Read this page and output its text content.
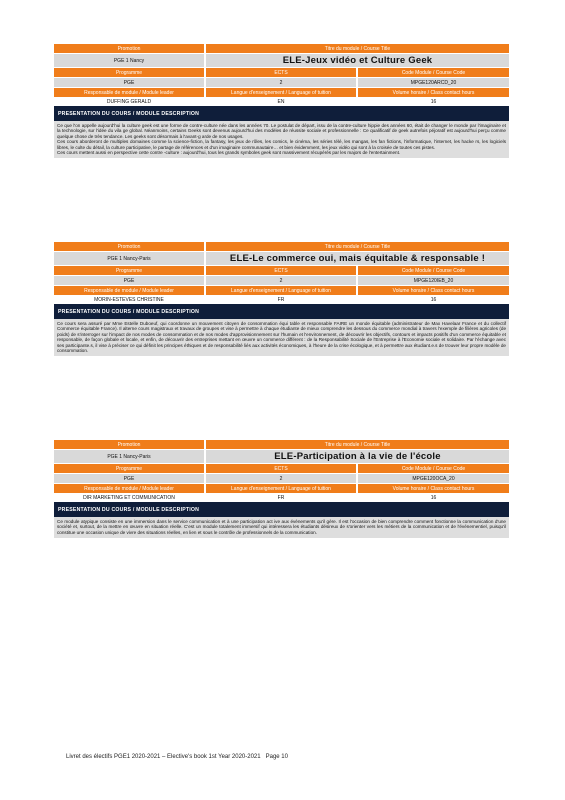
Promotion	Titre du module / Course Title
PGE 1 Nancy	ELE-Jeux vidéo et Culture Geek
Programme	ECTS	Code Module / Course Code
PGE	2	MPGE120ARCD_20
Responsable de module / Module leader	Langue d'enseignement / Language of tuition	Volume horaire / Class contact hours
DUFFING GERALD	EN	16
PRESENTATION DU COURS / MODULE DESCRIPTION

Ce que l'on appelle aujourd'hui la culture geek est une forme de contre-culture née dans les années 70. Le postulat de départ, issu de la contre-culture hippie des années 60, était de changer le monde par l'imaginaire et la technologie, sur l'idée du vila ge global. Néanmoins, certains Geeks sont devenus aujourd'hui des modèles de réussite sociale et professionnelle : Ce qualificatif de geek autrefois péjoratif est aujourd'hui perçu comme quelque chose de très tendance. Les geeks sont désormais à l'avant-g arde de nos usages.

Ces cours aborderont de multiples domaines comme la science-fiction, la fantasy, les jeux de rôles, les comics, le cinéma, les séries télé, les mangas, les fan fictions, l'informatique, l'internet, les hacke rs, les logiciels libres, le culte du détail, la culture participative, le partage de références et d'un imaginaire communautaire… et bien évidemment, les jeux vidéo qui sont à la croisée de toutes ces pistes.

Ces cours mettent aussi en perspective cette contre -culture : aujourd'hui, tous les grands symboles geek sont massivement récupérés par les majors de l'entertainment.

Promotion	Titre du module / Course Title
PGE 1 Nancy-Paris	ELE-Le commerce oui, mais équitable & responsable !
Programme	ECTS	Code Module / Course Code
PGE	2	MPGE120IEB_20
Responsable de module / Module leader	Langue d'enseignement / Language of tuition	Volume horaire / Class contact hours
MORIN-ESTEVES CHRISTINE	FR	16
PRESENTATION DU COURS / MODULE DESCRIPTION

Ce cours sera assuré par Mme Estelle Duboeuf, qui coordonne un mouvement citoyen de consommation équi table et responsable FAIRE un monde équitable (administrateur de Max Havelaar France et du collectif Commerce équitable France). Il alterne cours magistraux et travaux de groupes et vise à permettre à chaque étudiante de mieux comprendre les dessous du commerce mondial à travers l'exemple de filières agricoles (de poids) de s'interroger sur l'impact de nos modes de consommation et de nos modes d'approvisionnement sur l'humain et l'environnement, de découvrir les objectifs, contours et impacts positifs d'un commerce équitable et responsable, de façon globale et locale, et enfin, de découvrir des entreprises mettant en œuvre un commerce différent : de la Responsabilité Sociale de l'Entreprise à l'Economie sociale et solidaire. Par l'échange avec ses participante.s, il vise à préciser ce qui définit les principes éthiques et de responsabilité liés aux activités économiques, à l'heure de la crise écologique, et à permettre aux étudiant.e.s de trouver leur propre modèle de consommation.

Promotion	Titre du module / Course Title
PGE 1 Nancy-Paris	ELE-Participation à la vie de l'école
Programme	ECTS	Code Module / Course Code
PGE	2	MPGE120OCA_20
Responsable de module / Module leader	Langue d'enseignement / Language of tuition	Volume horaire / Class contact hours
DIR MARKETING ET COMMUNICATION	FR	16
PRESENTATION DU COURS / MODULE DESCRIPTION

Ce module atypique consiste en une immersion dans le service communication et à une participation act ive aux évènements qu'il gère. Il est l'occasion de bien comprendre comment fonctionne la communication d'une société et, surtout, de la mettre en œuvre en situation réelle. C'est un module totalement immersif qui intéressera les étudiants désireux de s'orienter vers les métiers de la communication et de l'événementiel, puisqu'il constitue une occasion unique de vivre des situations réelles, en lien et sous le contrôle de professionnels de la communication.

Livret des électifs PGE1 2020-2021 – Elective's book 1st Year 2020-2021   Page 10
